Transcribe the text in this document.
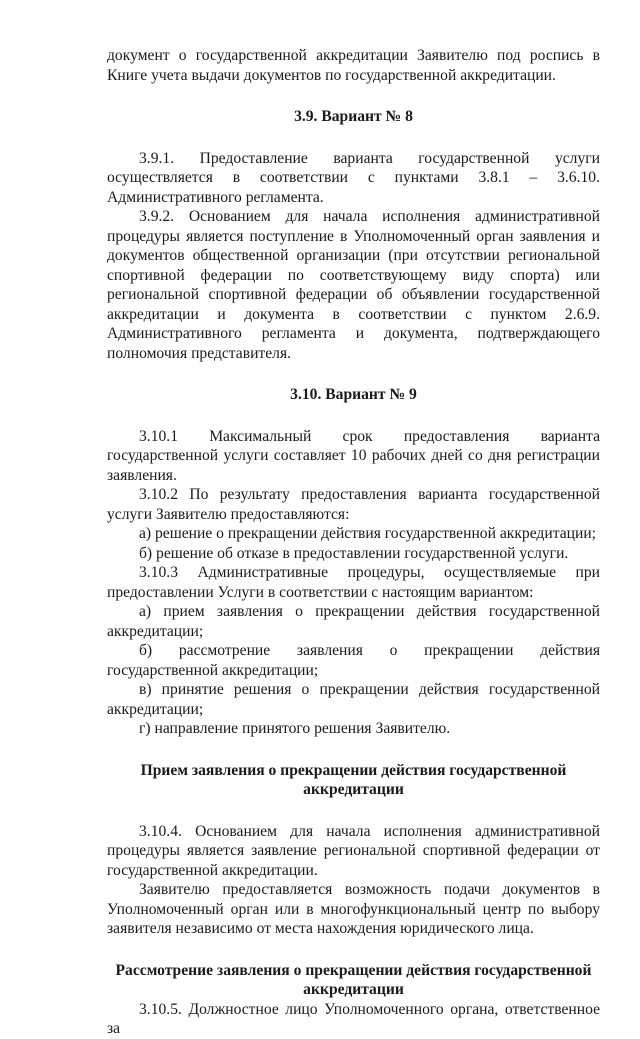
документ о государственной аккредитации Заявителю под роспись в Книге учета выдачи документов по государственной аккредитации.

3.9. Вариант № 8

3.9.1. Предоставление варианта государственной услуги осуществляется в соответствии с пунктами 3.8.1 – 3.6.10. Административного регламента.

3.9.2. Основанием для начала исполнения административной процедуры является поступление в Уполномоченный орган заявления и документов общественной организации (при отсутствии региональной спортивной федерации по соответствующему виду спорта) или региональной спортивной федерации об объявлении государственной аккредитации и документа в соответствии с пунктом 2.6.9. Административного регламента и документа, подтверждающего полномочия представителя.

3.10. Вариант № 9

3.10.1 Максимальный срок предоставления варианта государственной услуги составляет 10 рабочих дней со дня регистрации заявления.

3.10.2 По результату предоставления варианта государственной услуги Заявителю предоставляются:

а) решение о прекращении действия государственной аккредитации;

б) решение об отказе в предоставлении государственной услуги.

3.10.3 Административные процедуры, осуществляемые при предоставлении Услуги в соответствии с настоящим вариантом:

а) прием заявления о прекращении действия государственной аккредитации;

б) рассмотрение заявления о прекращении действия государственной аккредитации;

в) принятие решения о прекращении действия государственной аккредитации;

г) направление принятого решения Заявителю.

Прием заявления о прекращении действия государственной
аккредитации

3.10.4. Основанием для начала исполнения административной процедуры является заявление региональной спортивной федерации от государственной аккредитации.

Заявителю предоставляется возможность подачи документов в Уполномоченный орган или в многофункциональный центр по выбору заявителя независимо от места нахождения юридического лица.

Рассмотрение заявления о прекращении действия государственной
аккредитации

3.10.5. Должностное лицо Уполномоченного органа, ответственное за
